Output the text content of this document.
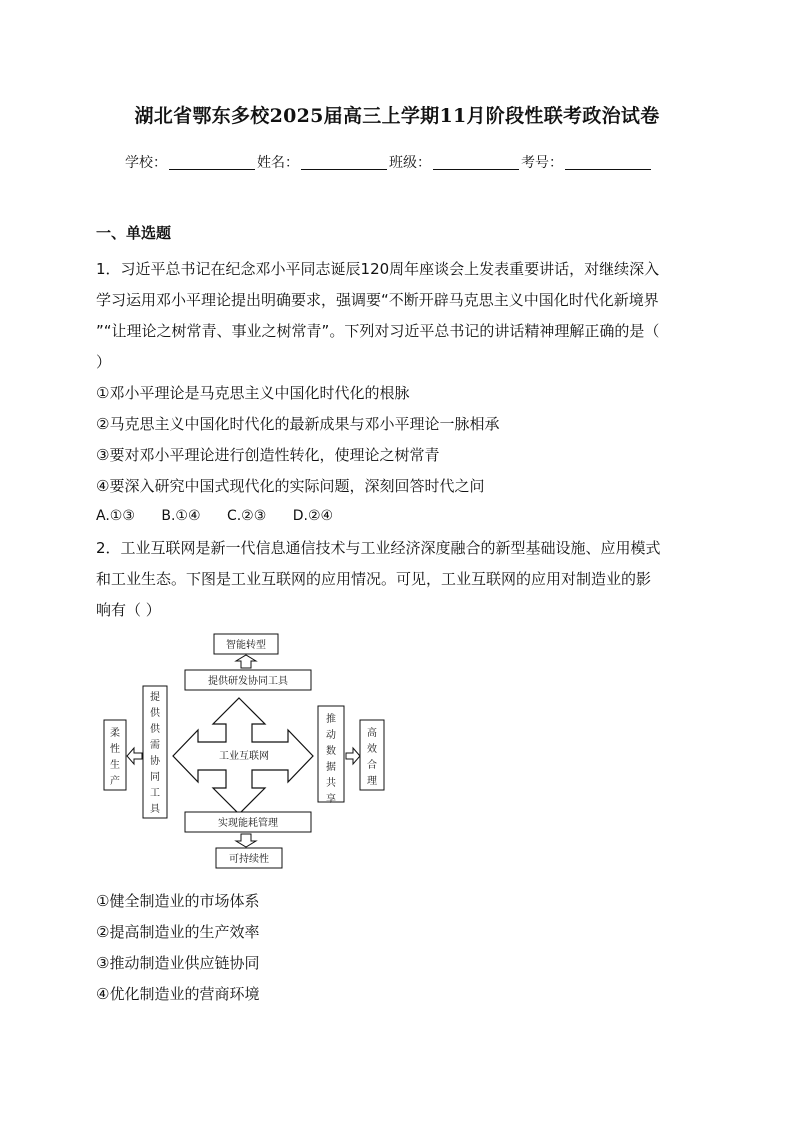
湖北省鄂东多校2025届高三上学期11月阶段性联考政治试卷
学校：	姓名：	班级：	考号：
一、单选题
1．习近平总书记在纪念邓小平同志诞辰120周年座谈会上发表重要讲话，对继续深入
学习运用邓小平理论提出明确要求，强调要“不断开辟马克思主义中国化时代化新境界
”“让理论之树常青、事业之树常青”。下列对习近平总书记的讲话精神理解正确的是（
）
①邓小平理论是马克思主义中国化时代化的根脉
②马克思主义中国化时代化的最新成果与邓小平理论一脉相承
③要对邓小平理论进行创造性转化，使理论之树常青
④要深入研究中国式现代化的实际问题，深刻回答时代之问
A.①③ B.①④ C.②③ D.②④
2．工业互联网是新一代信息通信技术与工业经济深度融合的新型基础设施、应用模式
和工业生态。下图是工业互联网的应用情况。可见，工业互联网的应用对制造业的影
响有（ ）
智能转型
提供研发协同工具
工业互联网
提
供
供
需
协
同
工
具
柔
性
生
产
推
动
数
据
共
享
高
效
合
理
实现能耗管理
可持续性
①健全制造业的市场体系
②提高制造业的生产效率
③推动制造业供应链协同
④优化制造业的营商环境
